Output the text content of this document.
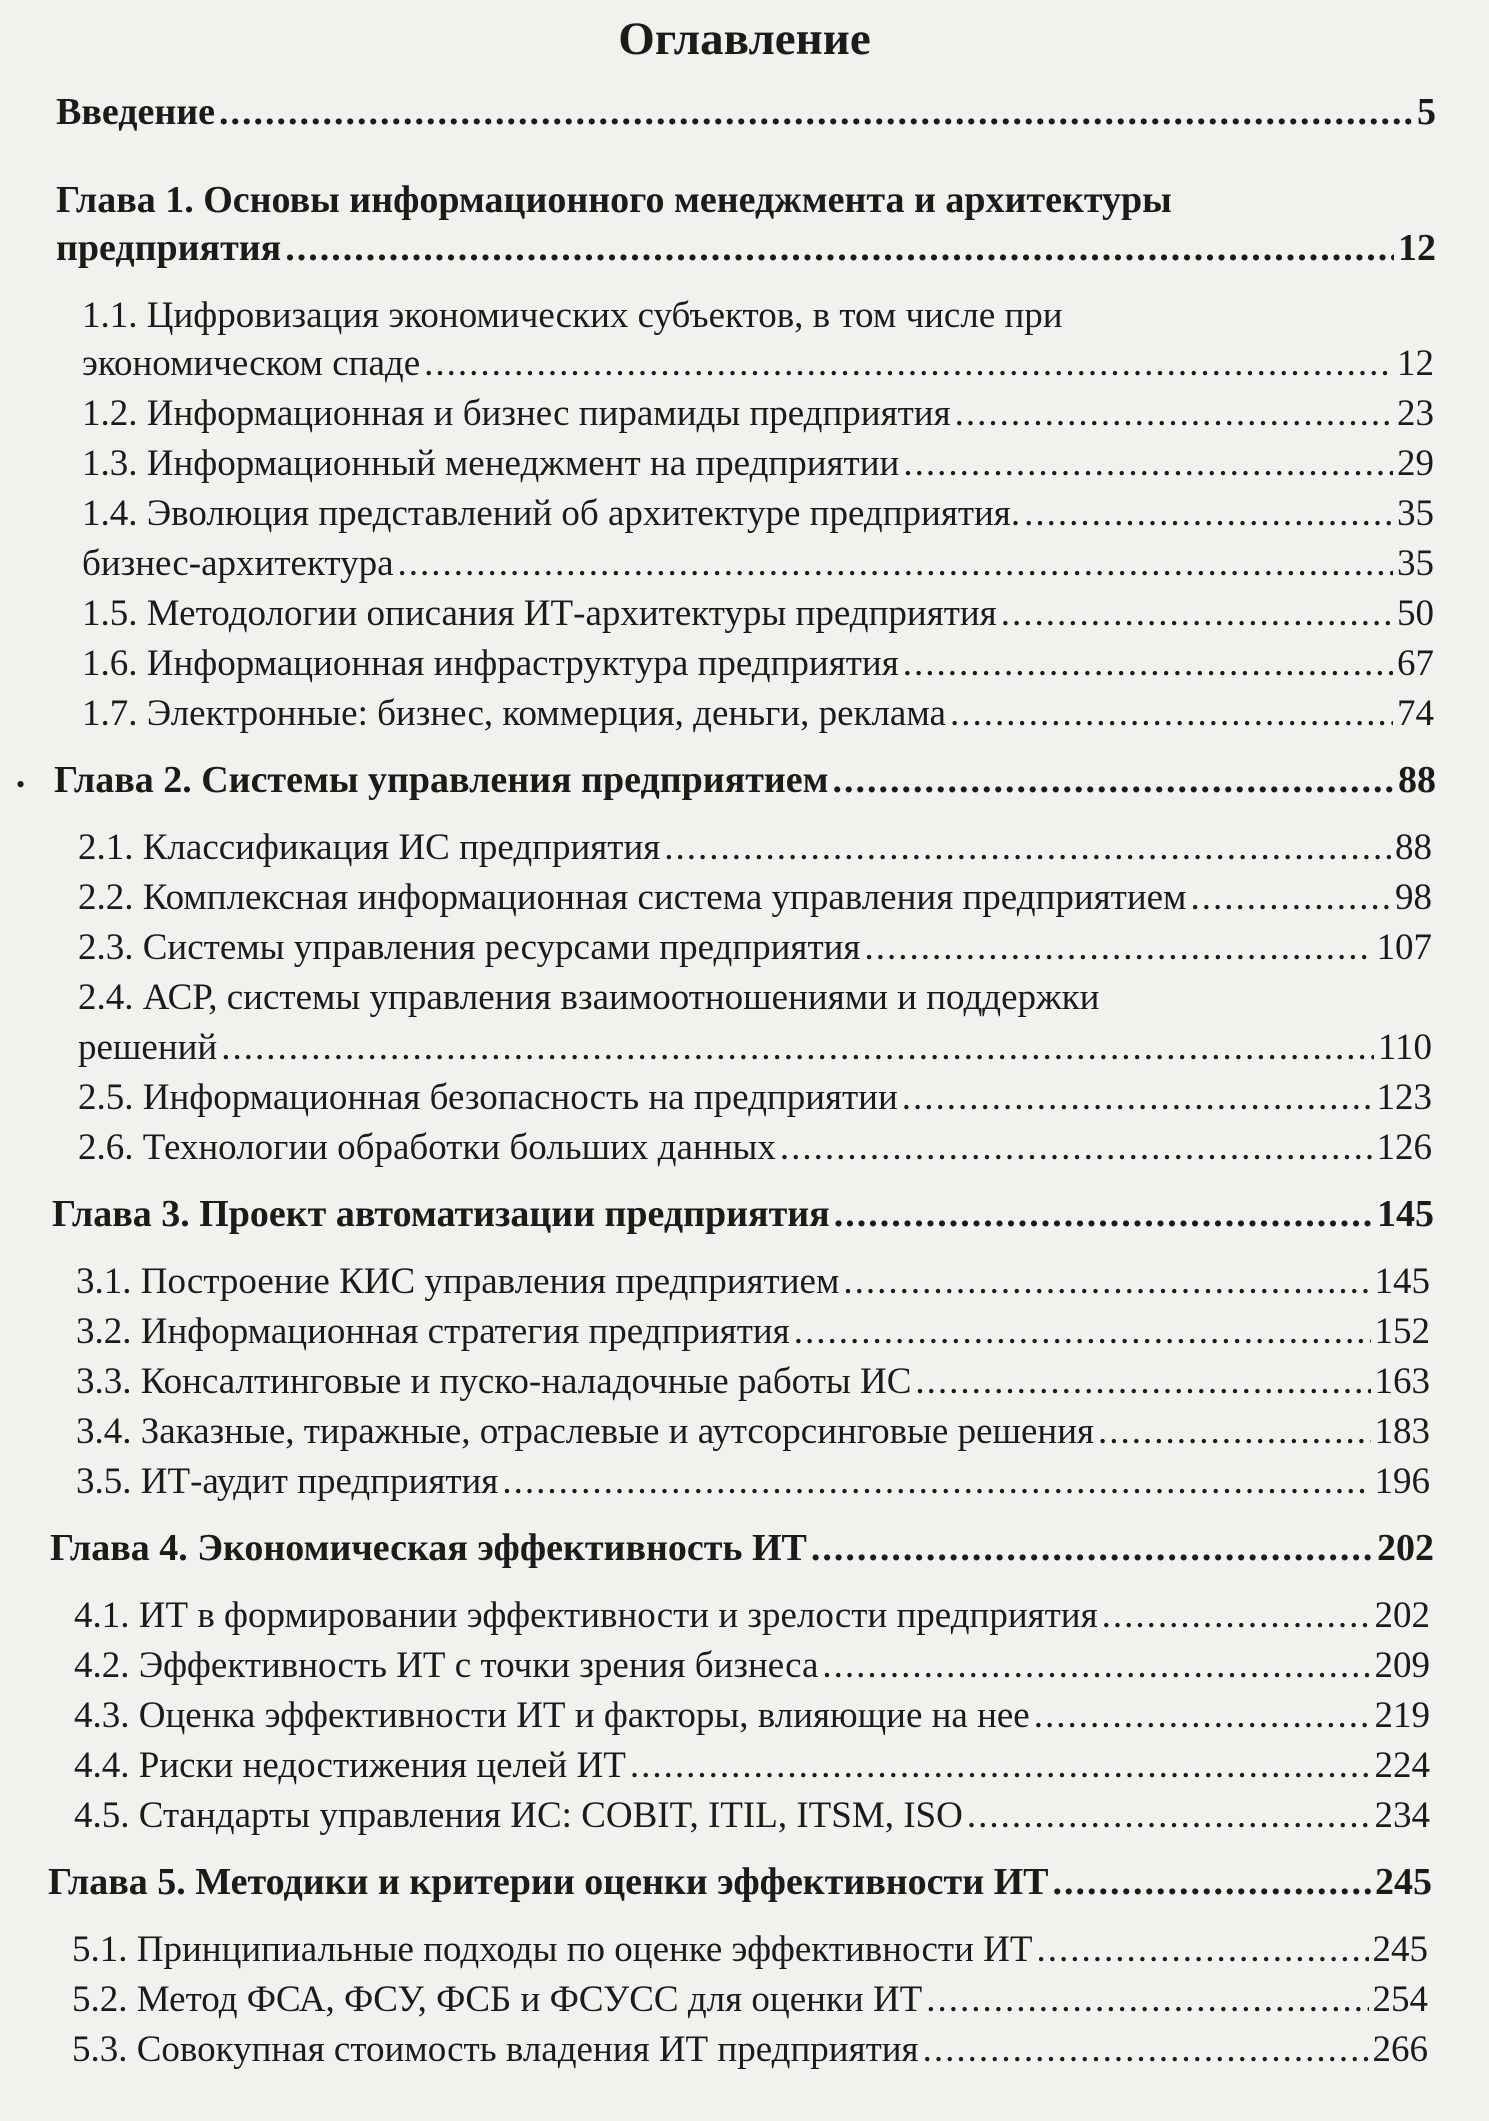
Оглавление
•
Введение .....	5
Глава 1. Основы информационного менеджмента и архитектуры
предприятия .....	12
1.1. Цифровизация экономических субъектов, в том числе при
экономическом спаде .....	12
1.2. Информационная и бизнес пирамиды предприятия .....	23
1.3. Информационный менеджмент на предприятии .....	29
1.4. Эволюция представлений об архитектуре предприятия. .....	35
бизнес-архитектура .....	35
1.5. Методологии описания ИТ-архитектуры предприятия .....	50
1.6. Информационная инфраструктура предприятия .....	67
1.7. Электронные: бизнес, коммерция, деньги, реклама .....	74
Глава 2. Системы управления предприятием .....	88
2.1. Классификация ИС предприятия .....	88
2.2. Комплексная информационная система управления предприятием .....	98
2.3. Системы управления ресурсами предприятия .....	107
2.4. АСР, системы управления взаимоотношениями и поддержки
решений .....	110
2.5. Информационная безопасность на предприятии .....	123
2.6. Технологии обработки больших данных .....	126
Глава 3. Проект автоматизации предприятия .....	145
3.1. Построение КИС управления предприятием .....	145
3.2. Информационная стратегия предприятия .....	152
3.3. Консалтинговые и пуско-наладочные работы ИС .....	163
3.4. Заказные, тиражные, отраслевые и аутсорсинговые решения .....	183
3.5. ИТ-аудит предприятия .....	196
Глава 4. Экономическая эффективность ИТ .....	202
4.1. ИТ в формировании эффективности и зрелости предприятия .....	202
4.2. Эффективность ИТ с точки зрения бизнеса .....	209
4.3. Оценка эффективности ИТ и факторы, влияющие на нее .....	219
4.4. Риски недостижения целей ИТ .....	224
4.5. Стандарты управления ИС: COBIT, ITIL, ITSM, ISO .....	234
Глава 5. Методики и критерии оценки эффективности ИТ .....	245
5.1. Принципиальные подходы по оценке эффективности ИТ .....	245
5.2. Метод ФСА, ФСУ, ФСБ и ФСУСС для оценки ИТ .....	254
5.3. Совокупная стоимость владения ИТ предприятия .....	266
